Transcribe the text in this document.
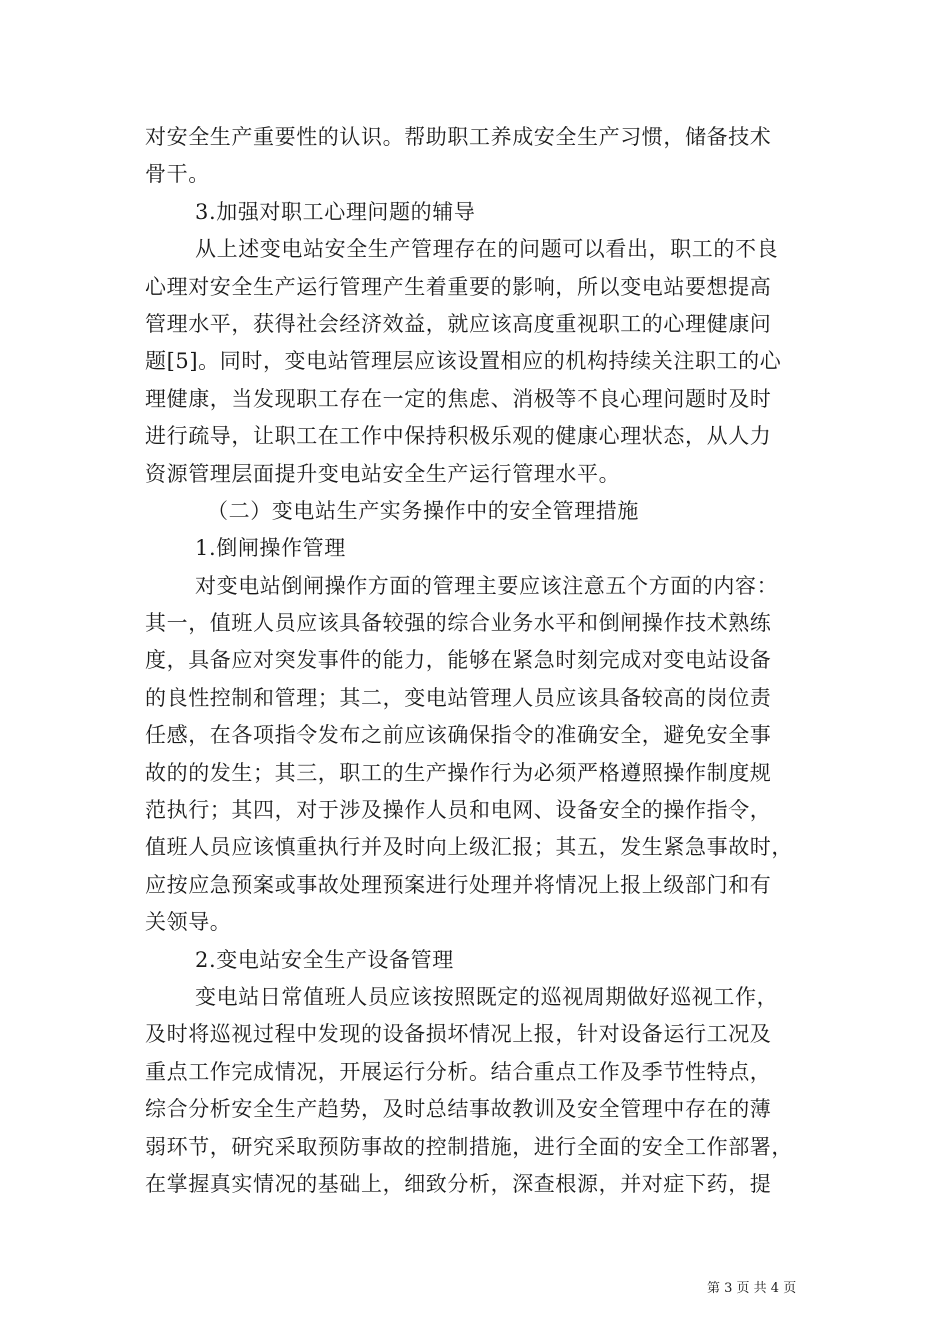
对安全生产重要性的认识。帮助职工养成安全生产习惯，储备技术
骨干。
3.加强对职工心理问题的辅导
从上述变电站安全生产管理存在的问题可以看出，职工的不良
心理对安全生产运行管理产生着重要的影响，所以变电站要想提高
管理水平，获得社会经济效益，就应该高度重视职工的心理健康问
题[5]。同时，变电站管理层应该设置相应的机构持续关注职工的心
理健康，当发现职工存在一定的焦虑、消极等不良心理问题时及时
进行疏导，让职工在工作中保持积极乐观的健康心理状态，从人力
资源管理层面提升变电站安全生产运行管理水平。
（二）变电站生产实务操作中的安全管理措施
1.倒闸操作管理
对变电站倒闸操作方面的管理主要应该注意五个方面的内容：
其一，值班人员应该具备较强的综合业务水平和倒闸操作技术熟练
度，具备应对突发事件的能力，能够在紧急时刻完成对变电站设备
的良性控制和管理；其二，变电站管理人员应该具备较高的岗位责
任感，在各项指令发布之前应该确保指令的准确安全，避免安全事
故的的发生；其三，职工的生产操作行为必须严格遵照操作制度规
范执行；其四，对于涉及操作人员和电网、设备安全的操作指令，
值班人员应该慎重执行并及时向上级汇报；其五，发生紧急事故时，
应按应急预案或事故处理预案进行处理并将情况上报上级部门和有
关领导。
2.变电站安全生产设备管理
变电站日常值班人员应该按照既定的巡视周期做好巡视工作，
及时将巡视过程中发现的设备损坏情况上报，针对设备运行工况及
重点工作完成情况，开展运行分析。结合重点工作及季节性特点，
综合分析安全生产趋势，及时总结事故教训及安全管理中存在的薄
弱环节，研究采取预防事故的控制措施，进行全面的安全工作部署，
在掌握真实情况的基础上，细致分析，深查根源，并对症下药，提
第 3 页 共 4 页
